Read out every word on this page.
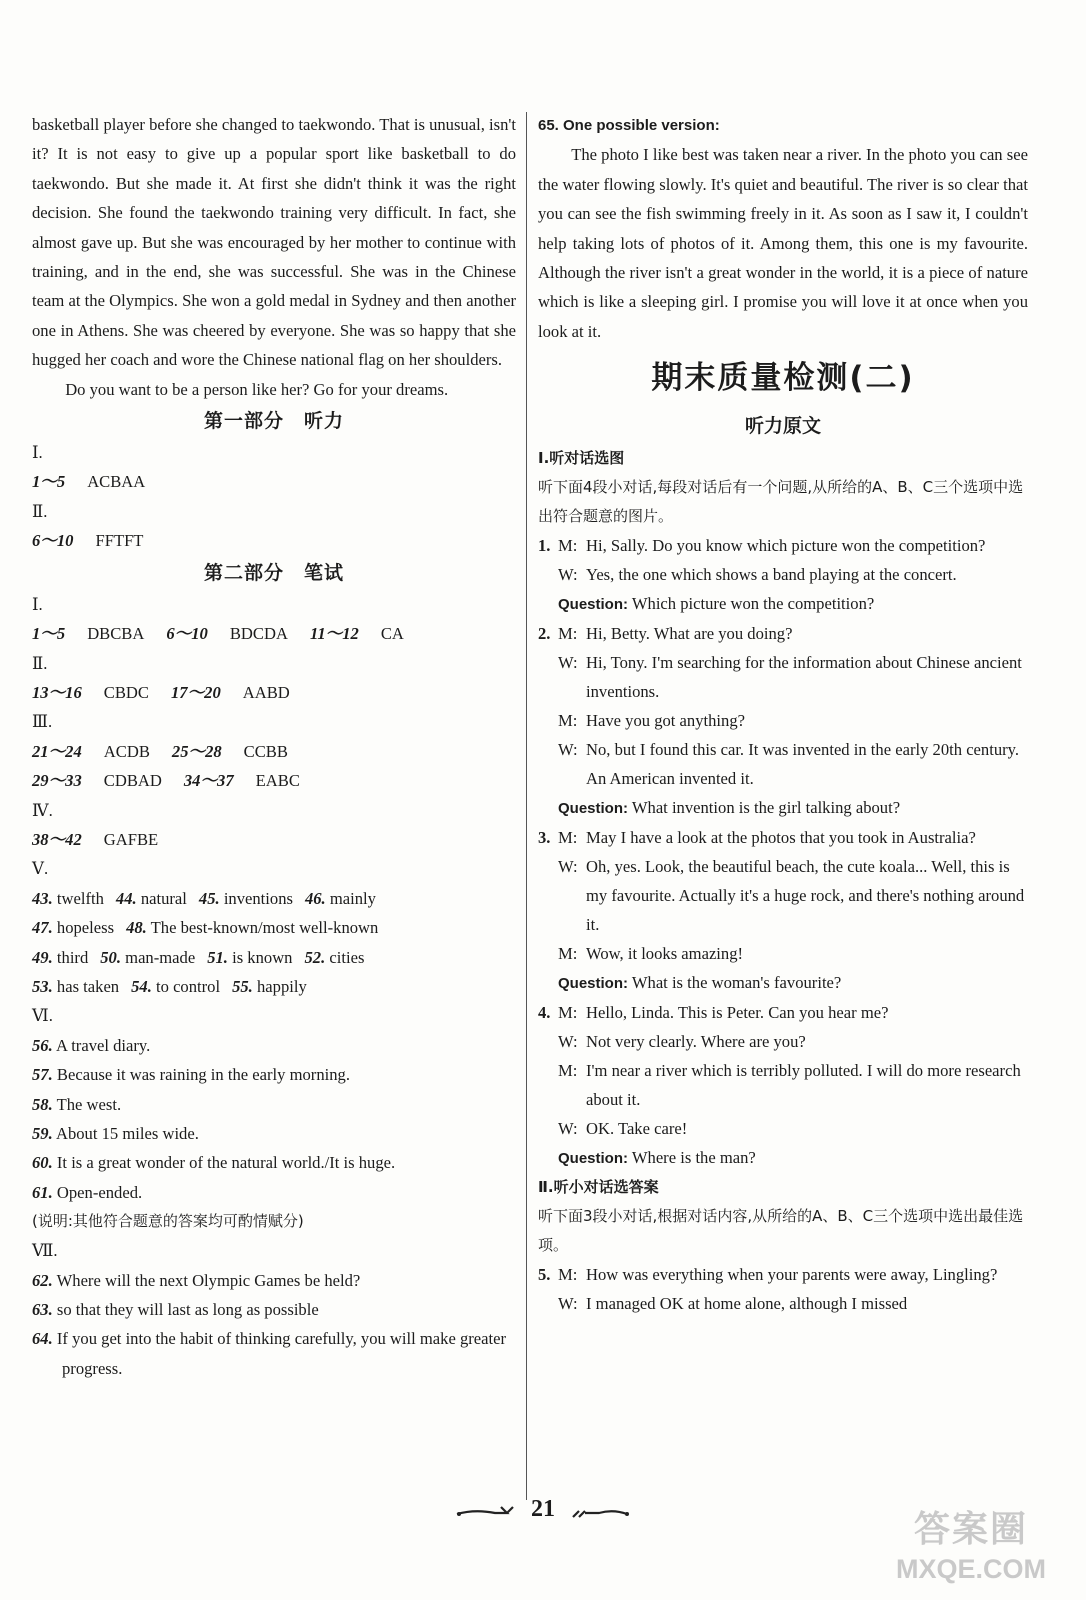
basketball player before she changed to taekwondo. That is unusual, isn't it? It is not easy to give up a popular sport like basketball to do taekwondo. But she made it. At first she didn't think it was the right decision. She found the taekwondo training very difficult. In fact, she almost gave up. But she was encouraged by her mother to continue with training, and in the end, she was successful. She was in the Chinese team at the Olympics. She won a gold medal in Sydney and then another one in Athens. She was cheered by everyone. She was so happy that she hugged her coach and wore the Chinese national flag on her shoulders.

Do you want to be a person like her? Go for your dreams.

第一部分　听力

Ⅰ.

1～5 ACBAA

Ⅱ.

6～10 FFTFT

第二部分　笔试

Ⅰ.

1～5 DBCBA 6～10 BDCDA 11～12 CA

Ⅱ.

13～16 CBDC 17～20 AABD

Ⅲ.

21～24 ACDB 25～28 CCBB

29～33 CDBAD 34～37 EABC

Ⅳ.

38～42 GAFBE

Ⅴ.

43. twelfth 44. natural 45. inventions 46. mainly

47. hopeless 48. The best-known/most well-known

49. third 50. man-made 51. is known 52. cities

53. has taken 54. to control 55. happily

Ⅵ.

56. A travel diary.

57. Because it was raining in the early morning.

58. The west.

59. About 15 miles wide.

60. It is a great wonder of the natural world./It is huge.

61. Open-ended.

(说明:其他符合题意的答案均可酌情赋分)

Ⅶ.

62. Where will the next Olympic Games be held?

63. so that they will last as long as possible

64. If you get into the habit of thinking carefully, you will make greater progress.

65. One possible version:

The photo I like best was taken near a river. In the photo you can see the water flowing slowly. It's quiet and beautiful. The river is so clear that you can see the fish swimming freely in it. As soon as I saw it, I couldn't help taking lots of photos of it. Among them, this one is my favourite. Although the river isn't a great wonder in the world, it is a piece of nature which is like a sleeping girl. I promise you will love it at once when you look at it.

期末质量检测(二)
听力原文

Ⅰ.听对话选图

听下面4段小对话,每段对话后有一个问题,从所给的A、B、C三个选项中选出符合题意的图片。

1. M: Hi, Sally. Do you know which picture won the competition?
W: Yes, the one which shows a band playing at the concert.

Question: Which picture won the competition?

2. M: Hi, Betty. What are you doing?
W: Hi, Tony. I'm searching for the information about Chinese ancient inventions.
M: Have you got anything?
W: No, but I found this car. It was invented in the early 20th century. An American invented it.

Question: What invention is the girl talking about?

3. M: May I have a look at the photos that you took in Australia?
W: Oh, yes. Look, the beautiful beach, the cute koala... Well, this is my favourite. Actually it's a huge rock, and there's nothing around it.
M: Wow, it looks amazing!

Question: What is the woman's favourite?

4. M: Hello, Linda. This is Peter. Can you hear me?
W: Not very clearly. Where are you?
M: I'm near a river which is terribly polluted. I will do more research about it.
W: OK. Take care!

Question: Where is the man?

Ⅱ.听小对话选答案

听下面3段小对话,根据对话内容,从所给的A、B、C三个选项中选出最佳选项。

5. M: How was everything when your parents were away, Lingling?
W: I managed OK at home alone, although I missed
21	答案圈
MXQE.COM
